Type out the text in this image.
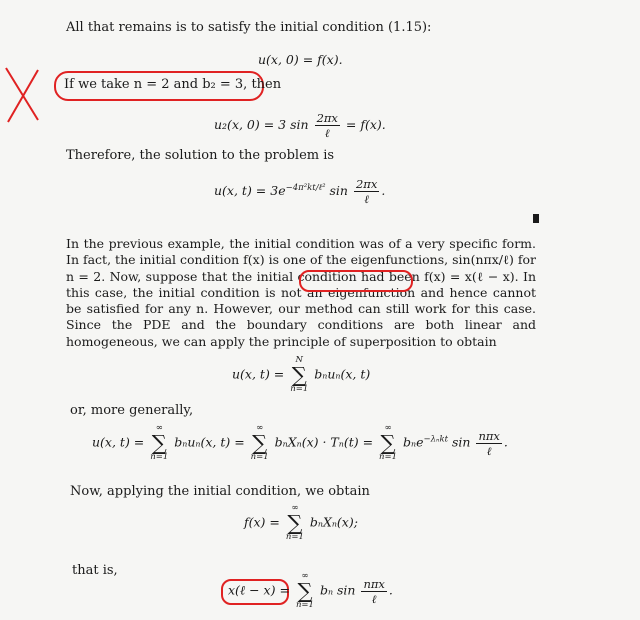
All that remains is to satisfy the initial condition (1.15):
u(x, 0) = f(x).
If we take n = 2 and b₂ = 3, then
u₂(x, 0) = 3 $\sin \frac{2\pi x}{\text{ℓ}} = f(x)$.
Therefore, the solution to the problem is
u(x, $t) = 3e^{-4\pi^2kt/\ell^2}$ $\sin \frac{2\pi x}{\text{ℓ}}$ .
In the previous example, the initial condition was of a very specific form. In fact, the initial condition f(x) is one of the eigenfunctions, sin(nπx/ℓ) for n = 2. Now, suppose that the initial condition had been f(x) = x(ℓ − x). In this case, the initial condition is not an eigenfunction and hence cannot be satisfied for any n. However, our method can still work for this case. Since the PDE and the boundary conditions are both linear and homogeneous, we can apply the principle of superposition to obtain
u(x, t) =
N
∑
n=1
bₙuₙ(x, t)
or, more generally,
u(x, t) =
∞
∑
n=1
bₙuₙ(x, t) =
∞
∑
n=1
bₙXₙ(x) · Tₙ(t) =
∞
∑
n=1
bₙe$^{-\lambda_nkt}$ $\sin \frac{\text{nπx}}{\text{ℓ}}$ .
Now, applying the initial condition, we obtain
f(x) =
∞
∑
n=1
bₙXₙ(x);
that is,
x(ℓ − x) =
∞
∑
n=1
bₙ $\sin \frac{\text{nπx}}{\text{ℓ}}$ .
